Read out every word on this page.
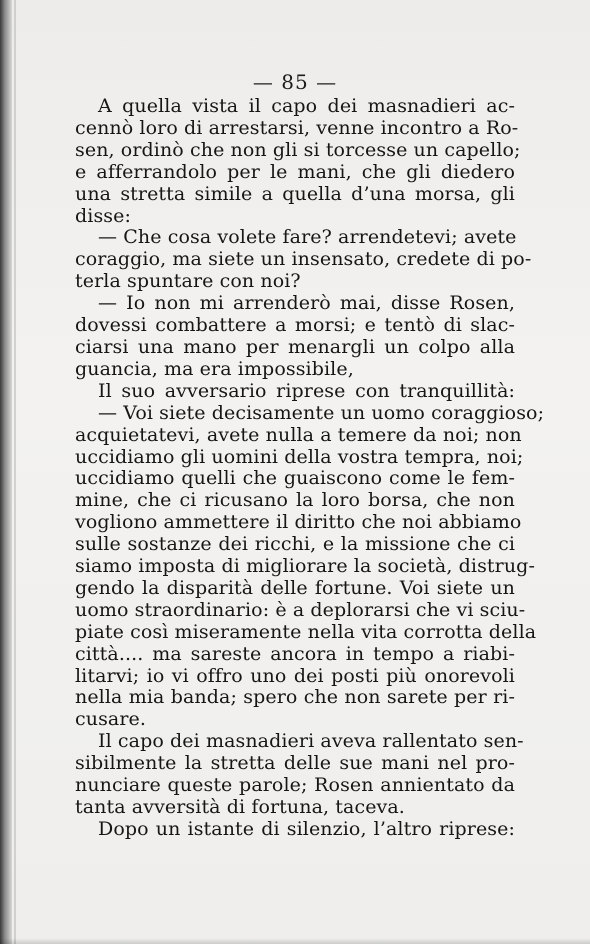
— 85 —
A quella vista il capo dei masnadieri ac-
cennò loro di arrestarsi, venne incontro a Ro-
sen, ordinò che non gli si torcesse un capello;
e afferrandolo per le mani, che gli diedero
una stretta simile a quella d’una morsa, gli
disse:
— Che cosa volete fare? arrendetevi; avete
coraggio, ma siete un insensato, credete di po-
terla spuntare con noi?
— Io non mi arrenderò mai, disse Rosen,
dovessi combattere a morsi; e tentò di slac-
ciarsi una mano per menargli un colpo alla
guancia, ma era impossibile,
Il suo avversario riprese con tranquillità:
— Voi siete decisamente un uomo coraggioso;
acquietatevi, avete nulla a temere da noi; non
uccidiamo gli uomini della vostra tempra, noi;
uccidiamo quelli che guaiscono come le fem-
mine, che ci ricusano la loro borsa, che non
vogliono ammettere il diritto che noi abbiamo
sulle sostanze dei ricchi, e la missione che ci
siamo imposta di migliorare la società, distrug-
gendo la disparità delle fortune. Voi siete un
uomo straordinario: è a deplorarsi che vi sciu-
piate così miseramente nella vita corrotta della
città.... ma sareste ancora in tempo a riabi-
litarvi; io vi offro uno dei posti più onorevoli
nella mia banda; spero che non sarete per ri-
cusare.
Il capo dei masnadieri aveva rallentato sen-
sibilmente la stretta delle sue mani nel pro-
nunciare queste parole; Rosen annientato da
tanta avversità di fortuna, taceva.
Dopo un istante di silenzio, l’altro riprese:
